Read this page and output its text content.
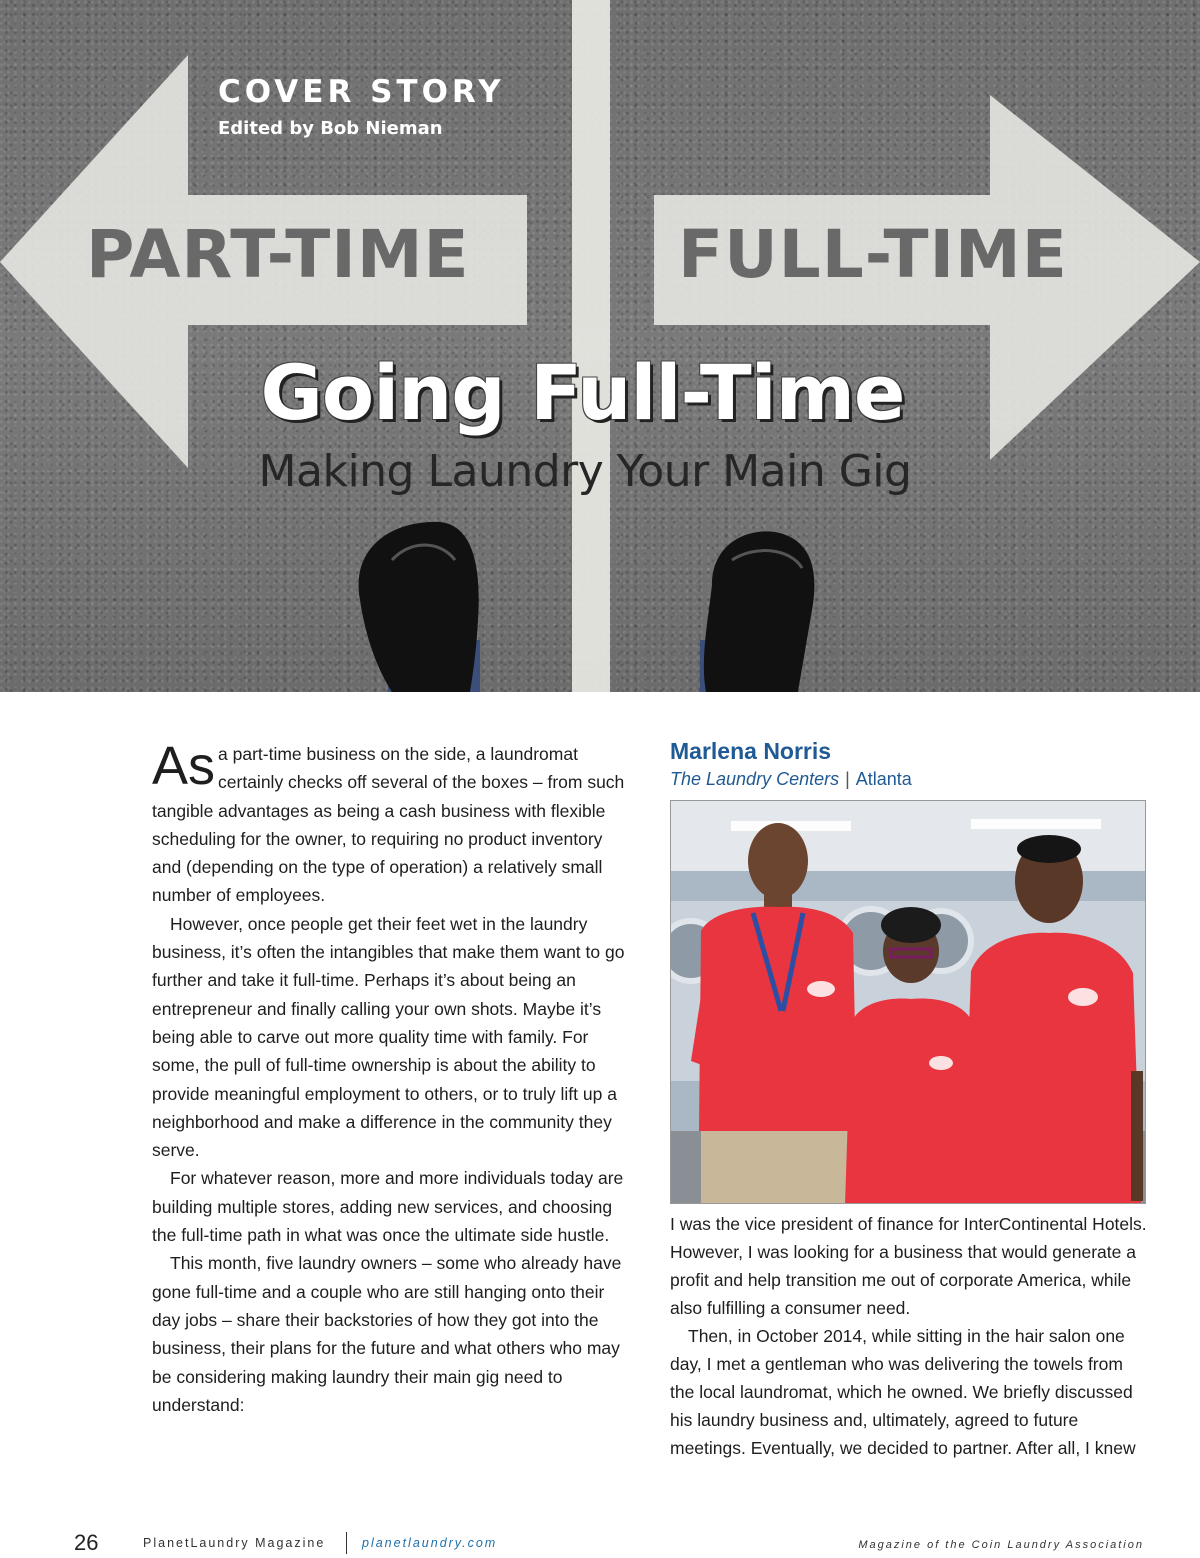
COVER STORY
Edited by Bob Nieman
PART-TIME	FULL-TIME
Going Full-Time
Making Laundry Your Main Gig

As a part-time business on the side, a laundromat certainly checks off several of the boxes – from such tangible advantages as being a cash business with flexible scheduling for the owner, to requiring no product inventory and (depending on the type of operation) a relatively small number of employees.

However, once people get their feet wet in the laundry business, it’s often the intangibles that make them want to go further and take it full-time. Perhaps it’s about being an entrepreneur and finally calling your own shots. Maybe it’s being able to carve out more quality time with family. For some, the pull of full-time ownership is about the ability to provide meaningful employment to others, or to truly lift up a neighborhood and make a difference in the community they serve.

For whatever reason, more and more individuals today are building multiple stores, adding new services, and choosing the full-time path in what was once the ultimate side hustle.

This month, five laundry owners – some who already have gone full-time and a couple who are still hanging onto their day jobs – share their backstories of how they got into the business, their plans for the future and what others who may be considering making laundry their main gig need to understand:

Marlena Norris
The Laundry Centers | Atlanta

I was the vice president of finance for InterContinental Hotels. However, I was looking for a business that would generate a profit and help transition me out of corporate America, while also fulfilling a consumer need.

Then, in October 2014, while sitting in the hair salon one day, I met a gentleman who was delivering the towels from the local laundromat, which he owned. We briefly discussed his laundry business and, ultimately, agreed to future meetings. Eventually, we decided to partner. After all, I knew

26	PlanetLaundry Magazine	planetlaundry.com	Magazine of the Coin Laundry Association
